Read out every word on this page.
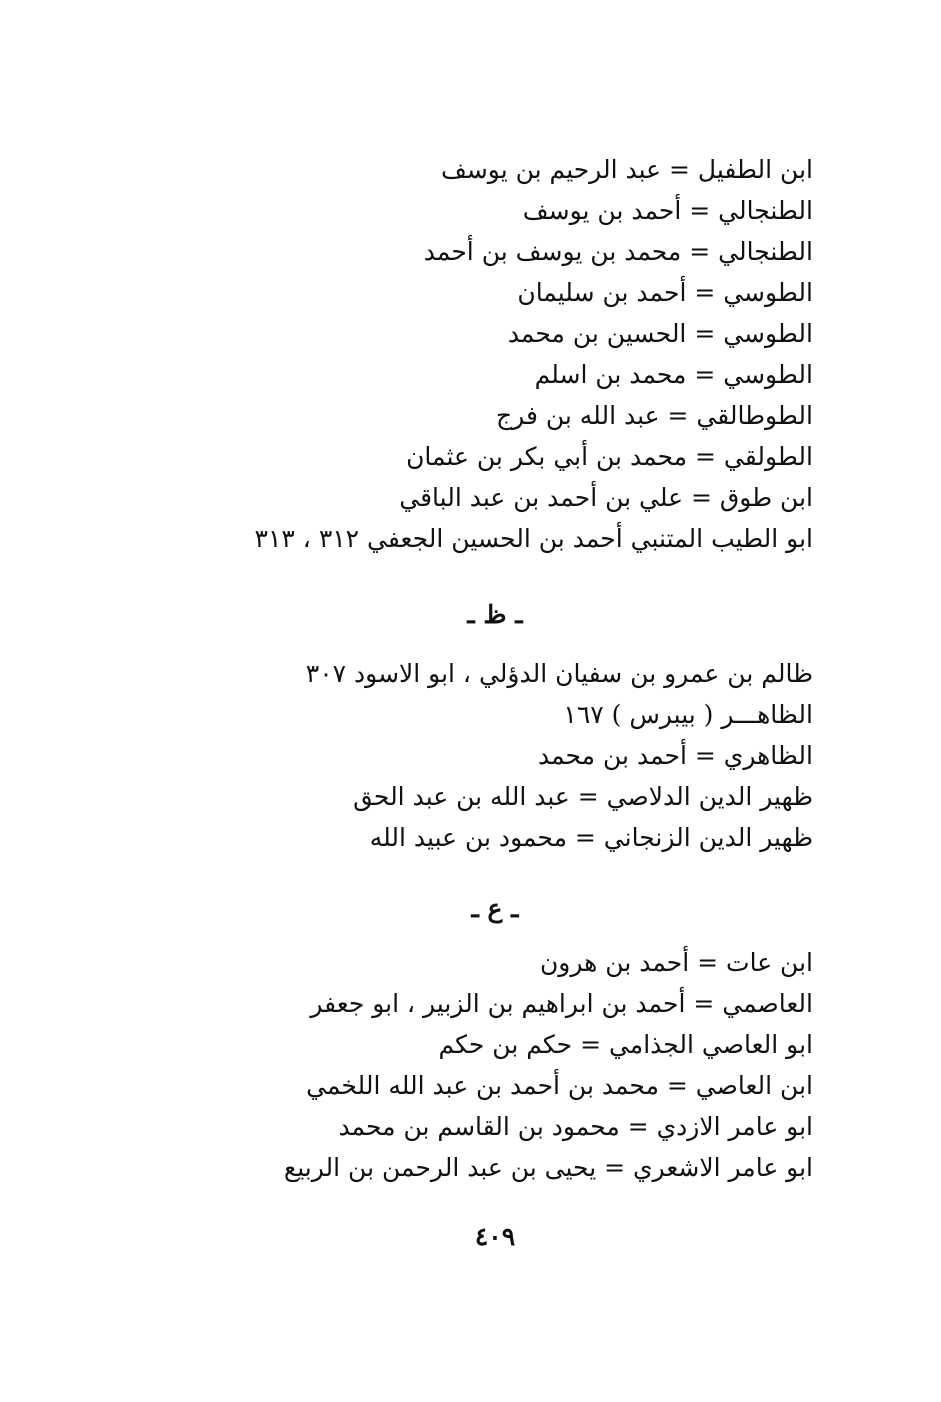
ابن الطفيل = عبد الرحيم بن يوسف
الطنجالي = أحمد بن يوسف
الطنجالي = محمد بن يوسف بن أحمد
الطوسي = أحمد بن سليمان
الطوسي = الحسين بن محمد
الطوسي = محمد بن اسلم
الطوطالقي = عبد الله بن فرج
الطولقي = محمد بن أبي بكر بن عثمان
ابن طوق = علي بن أحمد بن عبد الباقي
ابو الطيب المتنبي أحمد بن الحسين الجعفي ٣١٢ ، ٣١٣
ـ ظ ـ
ظالم بن عمرو بن سفيان الدؤلي ، ابو الاسود ٣٠٧
الظاهـــر ( بيبرس ) ١٦٧
الظاهري = أحمد بن محمد
ظهير الدين الدلاصي = عبد الله بن عبد الحق
ظهير الدين الزنجاني = محمود بن عبيد الله
ـ ع ـ
ابن عات = أحمد بن هرون
العاصمي = أحمد بن ابراهيم بن الزبير ، ابو جعفر
ابو العاصي الجذامي = حكم بن حكم
ابن العاصي = محمد بن أحمد بن عبد الله اللخمي
ابو عامر الازدي = محمود بن القاسم بن محمد
ابو عامر الاشعري = يحيى بن عبد الرحمن بن الربيع
٤٠٩
